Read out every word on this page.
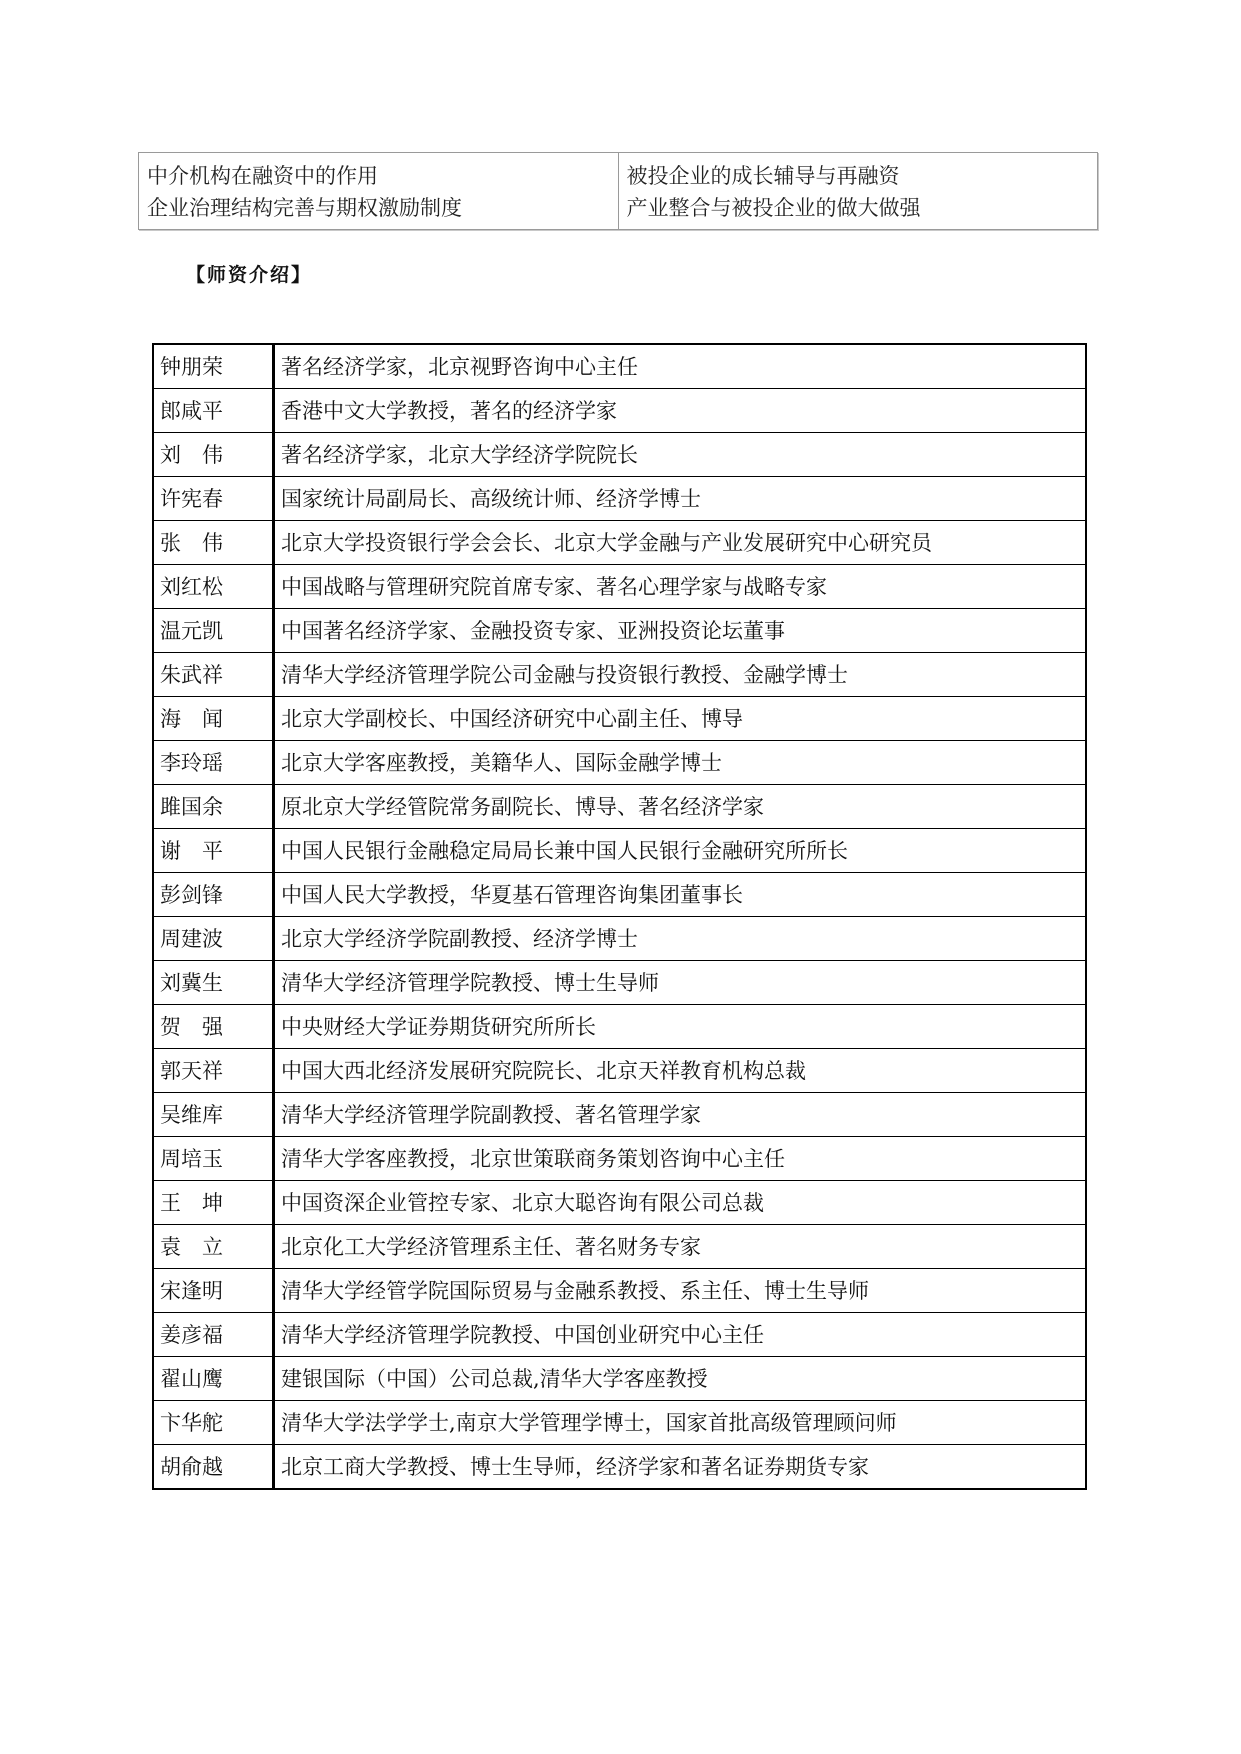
中介机构在融资中的作用
企业治理结构完善与期权激励制度

被投企业的成长辅导与再融资
产业整合与被投企业的做大做强
【师资介绍】
钟朋荣	著名经济学家，北京视野咨询中心主任
郎咸平	香港中文大学教授，著名的经济学家
刘　伟	著名经济学家，北京大学经济学院院长
许宪春	国家统计局副局长、高级统计师、经济学博士
张　伟	北京大学投资银行学会会长、北京大学金融与产业发展研究中心研究员
刘红松	中国战略与管理研究院首席专家、著名心理学家与战略专家
温元凯	中国著名经济学家、金融投资专家、亚洲投资论坛董事
朱武祥	清华大学经济管理学院公司金融与投资银行教授、金融学博士
海　闻	北京大学副校长、中国经济研究中心副主任、博导
李玲瑶	北京大学客座教授，美籍华人、国际金融学博士
雎国余	原北京大学经管院常务副院长、博导、著名经济学家
谢　平	中国人民银行金融稳定局局长兼中国人民银行金融研究所所长
彭剑锋	中国人民大学教授，华夏基石管理咨询集团董事长
周建波	北京大学经济学院副教授、经济学博士
刘冀生	清华大学经济管理学院教授、博士生导师
贺　强	中央财经大学证券期货研究所所长
郭天祥	中国大西北经济发展研究院院长、北京天祥教育机构总裁
吴维库	清华大学经济管理学院副教授、著名管理学家
周培玉	清华大学客座教授，北京世策联商务策划咨询中心主任
王　坤	中国资深企业管控专家、北京大聪咨询有限公司总裁
袁　立	北京化工大学经济管理系主任、著名财务专家
宋逢明	清华大学经管学院国际贸易与金融系教授、系主任、博士生导师
姜彦福	清华大学经济管理学院教授、中国创业研究中心主任
翟山鹰	建银国际（中国）公司总裁,清华大学客座教授
卞华舵	清华大学法学学士,南京大学管理学博士，国家首批高级管理顾问师
胡俞越	北京工商大学教授、博士生导师，经济学家和著名证券期货专家
